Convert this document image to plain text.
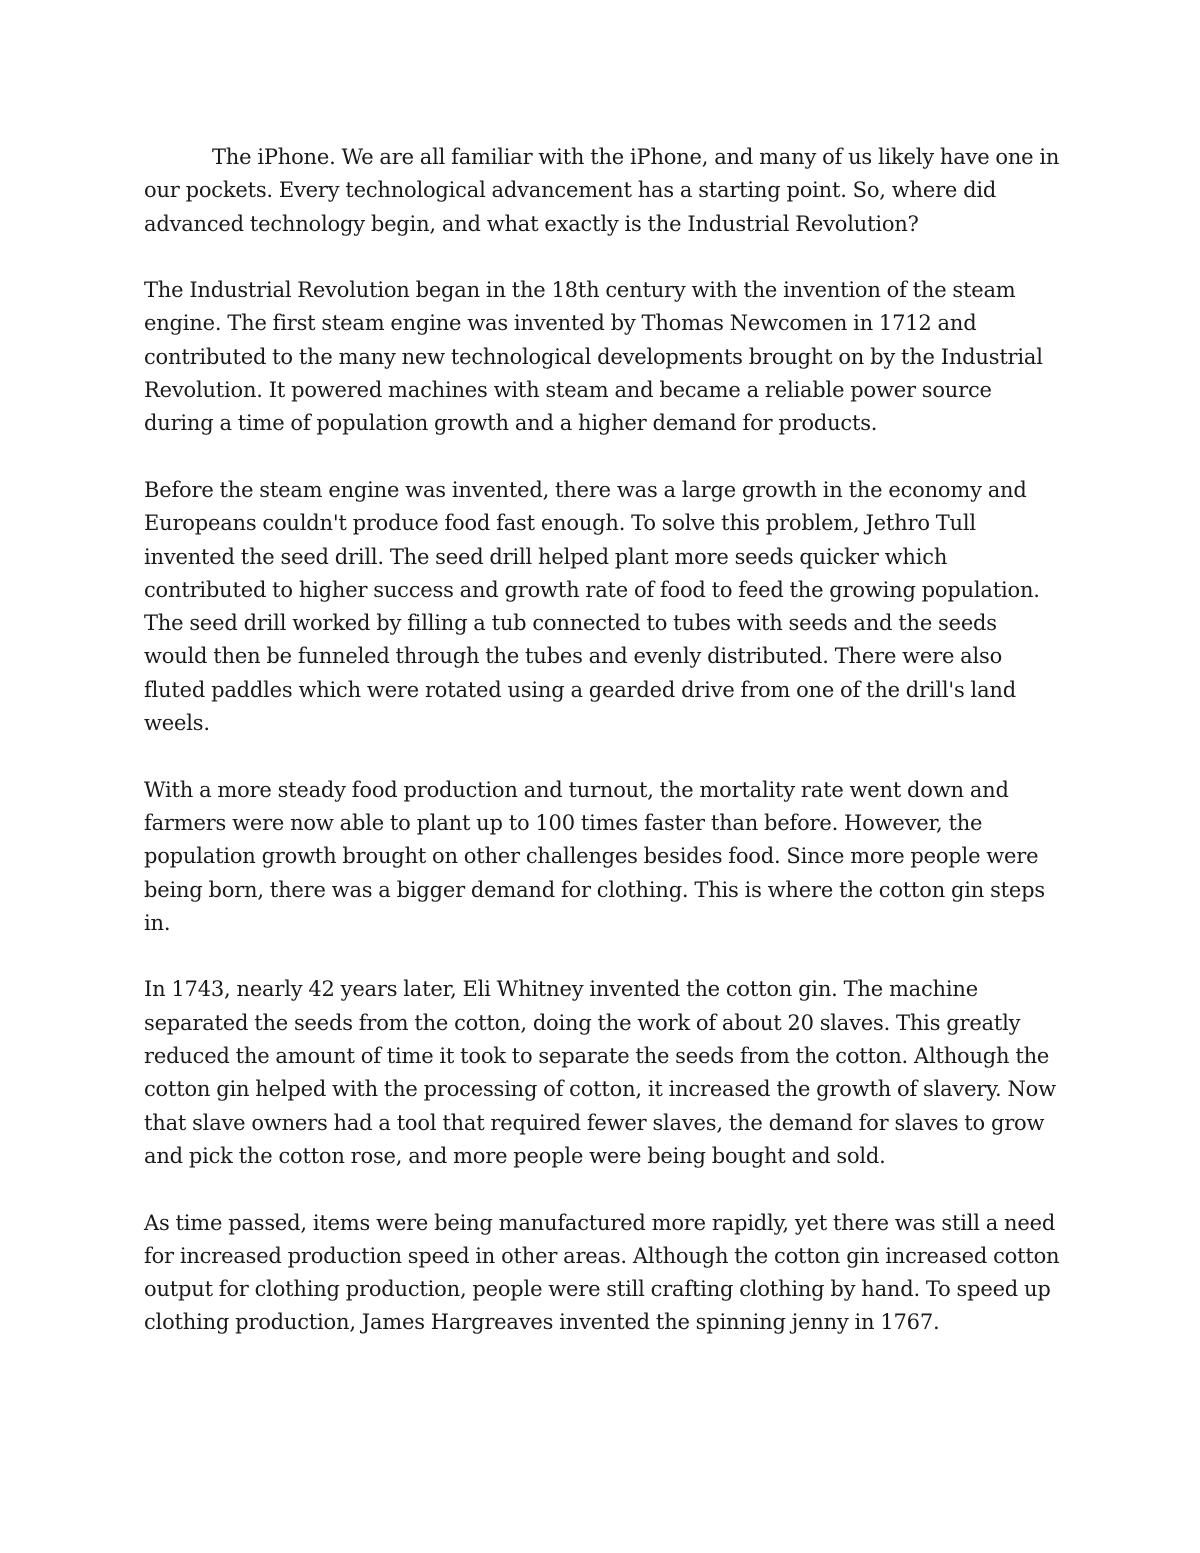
The iPhone. We are all familiar with the iPhone, and many of us likely have one in our pockets. Every technological advancement has a starting point. So, where did advanced technology begin, and what exactly is the Industrial Revolution?

The Industrial Revolution began in the 18th century with the invention of the steam engine. The first steam engine was invented by Thomas Newcomen in 1712 and contributed to the many new technological developments brought on by the Industrial Revolution. It powered machines with steam and became a reliable power source during a time of population growth and a higher demand for products.

Before the steam engine was invented, there was a large growth in the economy and Europeans couldn't produce food fast enough. To solve this problem, Jethro Tull invented the seed drill. The seed drill helped plant more seeds quicker which contributed to higher success and growth rate of food to feed the growing population. The seed drill worked by filling a tub connected to tubes with seeds and the seeds would then be funneled through the tubes and evenly distributed. There were also fluted paddles which were rotated using a gearded drive from one of the drill's land weels.

With a more steady food production and turnout, the mortality rate went down and farmers were now able to plant up to 100 times faster than before. However, the population growth brought on other challenges besides food. Since more people were being born, there was a bigger demand for clothing. This is where the cotton gin steps in.

In 1743, nearly 42 years later, Eli Whitney invented the cotton gin. The machine separated the seeds from the cotton, doing the work of about 20 slaves. This greatly reduced the amount of time it took to separate the seeds from the cotton. Although the cotton gin helped with the processing of cotton, it increased the growth of slavery. Now that slave owners had a tool that required fewer slaves, the demand for slaves to grow and pick the cotton rose, and more people were being bought and sold.

As time passed, items were being manufactured more rapidly, yet there was still a need for increased production speed in other areas. Although the cotton gin increased cotton output for clothing production, people were still crafting clothing by hand. To speed up clothing production, James Hargreaves invented the spinning jenny in 1767.
